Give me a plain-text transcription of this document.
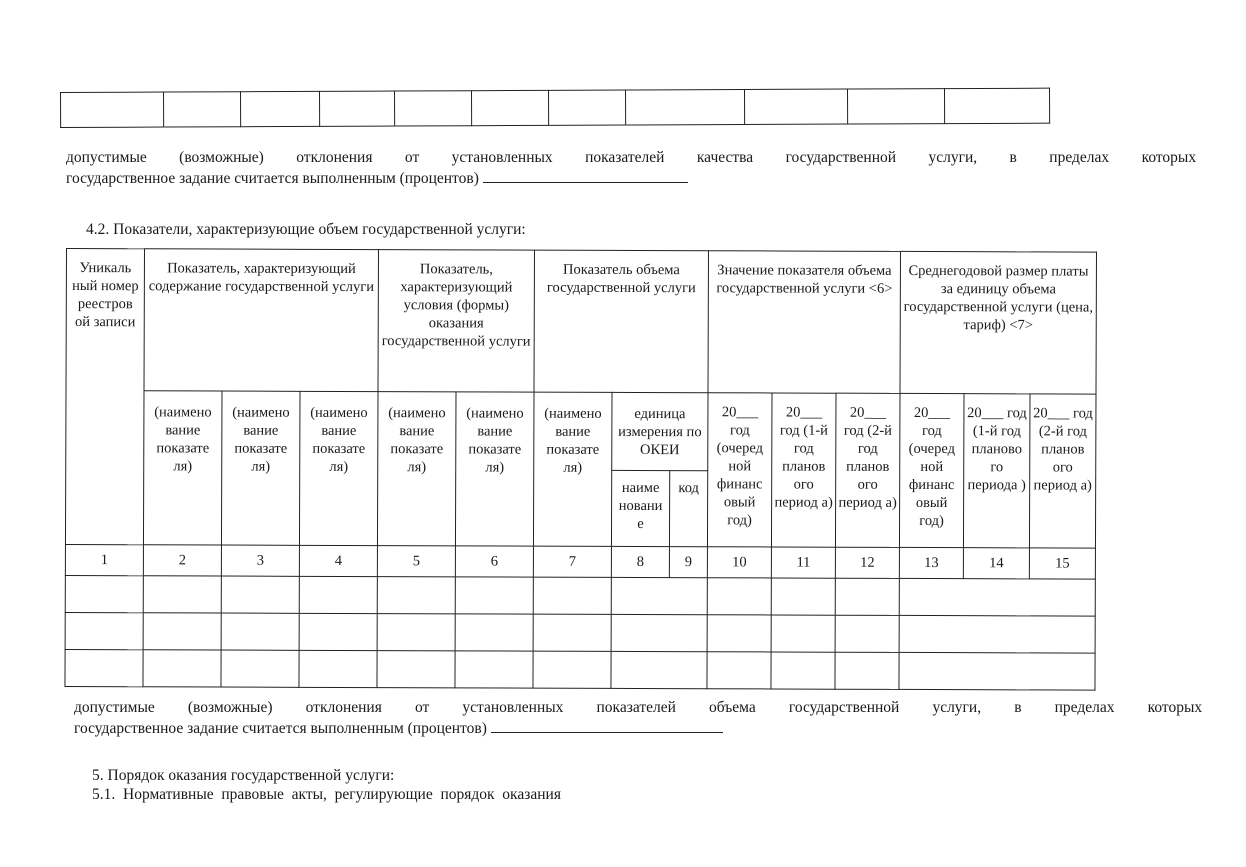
допустимые (возможные) отклонения от установленных показателей качества государственной услуги, в пределах которых
государственное задание считается выполненным (процентов)
4.2. Показатели, характеризующие объем государственной услуги:
Уникаль ный номер реестров ой записи	Показатель, характеризующий содержание государственной услуги			Показатель, характеризующий условия (формы) оказания государственной услуги		Показатель объема государственной услуги			Значение показателя объема государственной услуги <6>			Среднегодовой размер платы за единицу объема государственной услуги (цена, тариф) <7>		
	(наимено вание показате ля)	(наимено вание показате ля)	(наимено вание показате ля)	(наимено вание показате ля)	(наимено вание показате ля)	(наимено вание показате ля)	единица измерения по ОКЕИ		20___ год (очеред ной финанс овый год)	20___ год (1-й год планов ого период а)	20___ год (2-й год планов ого период а)	20___ год (очеред ной финанс овый год)	20___ год (1-й год планово го периода )	20___ год (2-й год планов ого период а)
							наиме новани е	код						
1	2	3	4	5	6	7	8	9	10	11	12	13	14	15

допустимые (возможные) отклонения от установленных показателей объема государственной услуги, в пределах которых
государственное задание считается выполненным (процентов)
5. Порядок оказания государственной услуги:
5.1.  Нормативные  правовые  акты,  регулирующие  порядок  оказания
